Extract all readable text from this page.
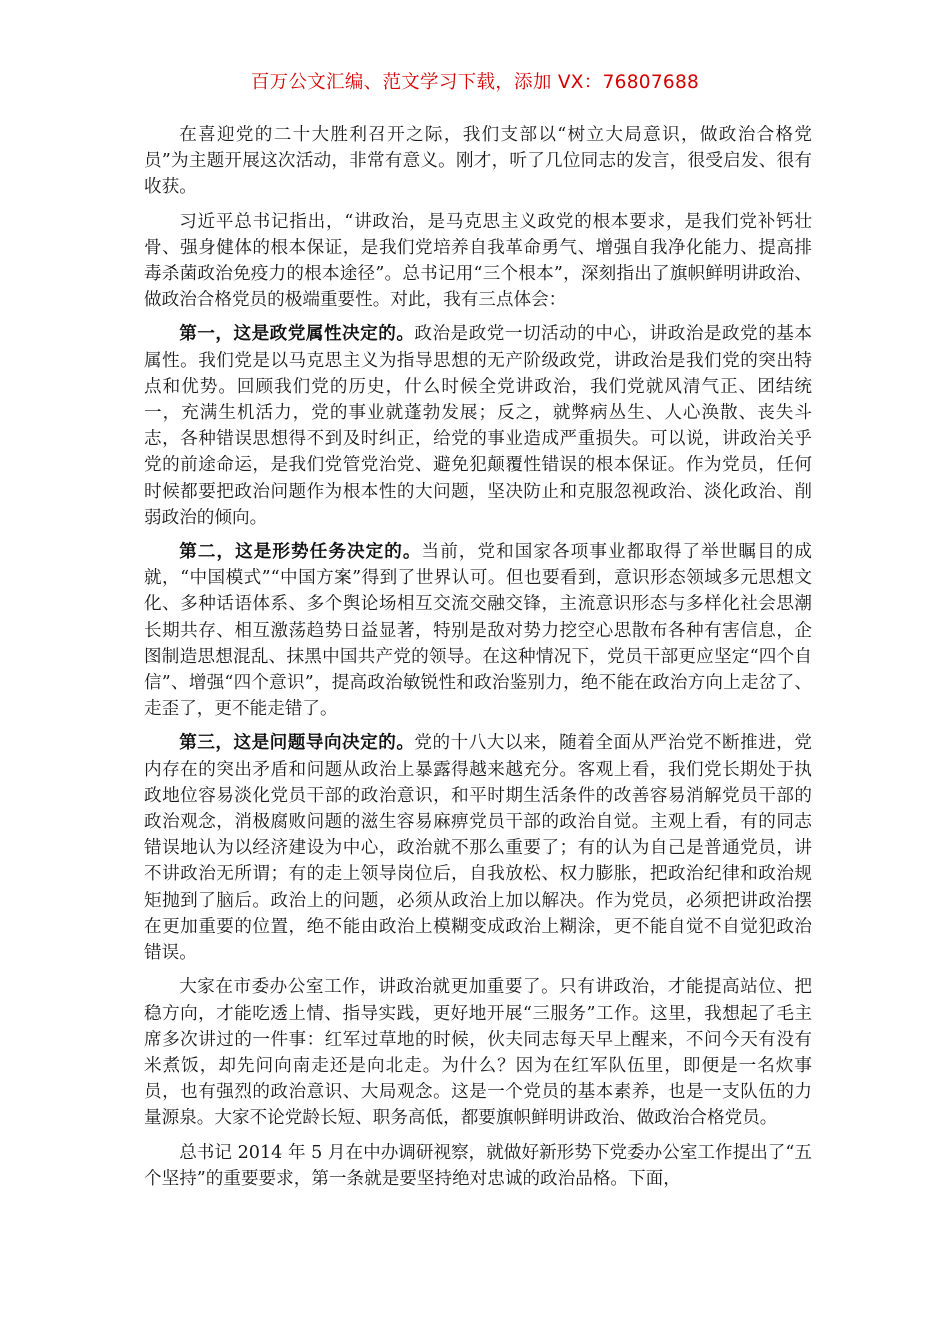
百万公文汇编、范文学习下载，添加 VX：76807688

在喜迎党的二十大胜利召开之际，我们支部以“树立大局意识，做政治合格党员”为主题开展这次活动，非常有意义。刚才，听了几位同志的发言，很受启发、很有收获。

习近平总书记指出，“讲政治，是马克思主义政党的根本要求，是我们党补钙壮骨、强身健体的根本保证，是我们党培养自我革命勇气、增强自我净化能力、提高排毒杀菌政治免疫力的根本途径”。总书记用“三个根本”，深刻指出了旗帜鲜明讲政治、做政治合格党员的极端重要性。对此，我有三点体会：

第一，这是政党属性决定的。政治是政党一切活动的中心，讲政治是政党的基本属性。我们党是以马克思主义为指导思想的无产阶级政党，讲政治是我们党的突出特点和优势。回顾我们党的历史，什么时候全党讲政治，我们党就风清气正、团结统一，充满生机活力，党的事业就蓬勃发展；反之，就弊病丛生、人心涣散、丧失斗志，各种错误思想得不到及时纠正，给党的事业造成严重损失。可以说，讲政治关乎党的前途命运，是我们党管党治党、避免犯颠覆性错误的根本保证。作为党员，任何时候都要把政治问题作为根本性的大问题，坚决防止和克服忽视政治、淡化政治、削弱政治的倾向。

第二，这是形势任务决定的。当前，党和国家各项事业都取得了举世瞩目的成就，“中国模式”“中国方案”得到了世界认可。但也要看到，意识形态领域多元思想文化、多种话语体系、多个舆论场相互交流交融交锋，主流意识形态与多样化社会思潮长期共存、相互激荡趋势日益显著，特别是敌对势力挖空心思散布各种有害信息，企图制造思想混乱、抹黑中国共产党的领导。在这种情况下，党员干部更应坚定“四个自信”、增强“四个意识”，提高政治敏锐性和政治鉴别力，绝不能在政治方向上走岔了、走歪了，更不能走错了。

第三，这是问题导向决定的。党的十八大以来，随着全面从严治党不断推进，党内存在的突出矛盾和问题从政治上暴露得越来越充分。客观上看，我们党长期处于执政地位容易淡化党员干部的政治意识，和平时期生活条件的改善容易消解党员干部的政治观念，消极腐败问题的滋生容易麻痹党员干部的政治自觉。主观上看，有的同志错误地认为以经济建设为中心，政治就不那么重要了；有的认为自己是普通党员，讲不讲政治无所谓；有的走上领导岗位后，自我放松、权力膨胀，把政治纪律和政治规矩抛到了脑后。政治上的问题，必须从政治上加以解决。作为党员，必须把讲政治摆在更加重要的位置，绝不能由政治上模糊变成政治上糊涂，更不能自觉不自觉犯政治错误。

大家在市委办公室工作，讲政治就更加重要了。只有讲政治，才能提高站位、把稳方向，才能吃透上情、指导实践，更好地开展“三服务”工作。这里，我想起了毛主席多次讲过的一件事：红军过草地的时候，伙夫同志每天早上醒来，不问今天有没有米煮饭，却先问向南走还是向北走。为什么？因为在红军队伍里，即便是一名炊事员，也有强烈的政治意识、大局观念。这是一个党员的基本素养，也是一支队伍的力量源泉。大家不论党龄长短、职务高低，都要旗帜鲜明讲政治、做政治合格党员。

总书记 2014 年 5 月在中办调研视察，就做好新形势下党委办公室工作提出了“五个坚持”的重要要求，第一条就是要坚持绝对忠诚的政治品格。下面，
